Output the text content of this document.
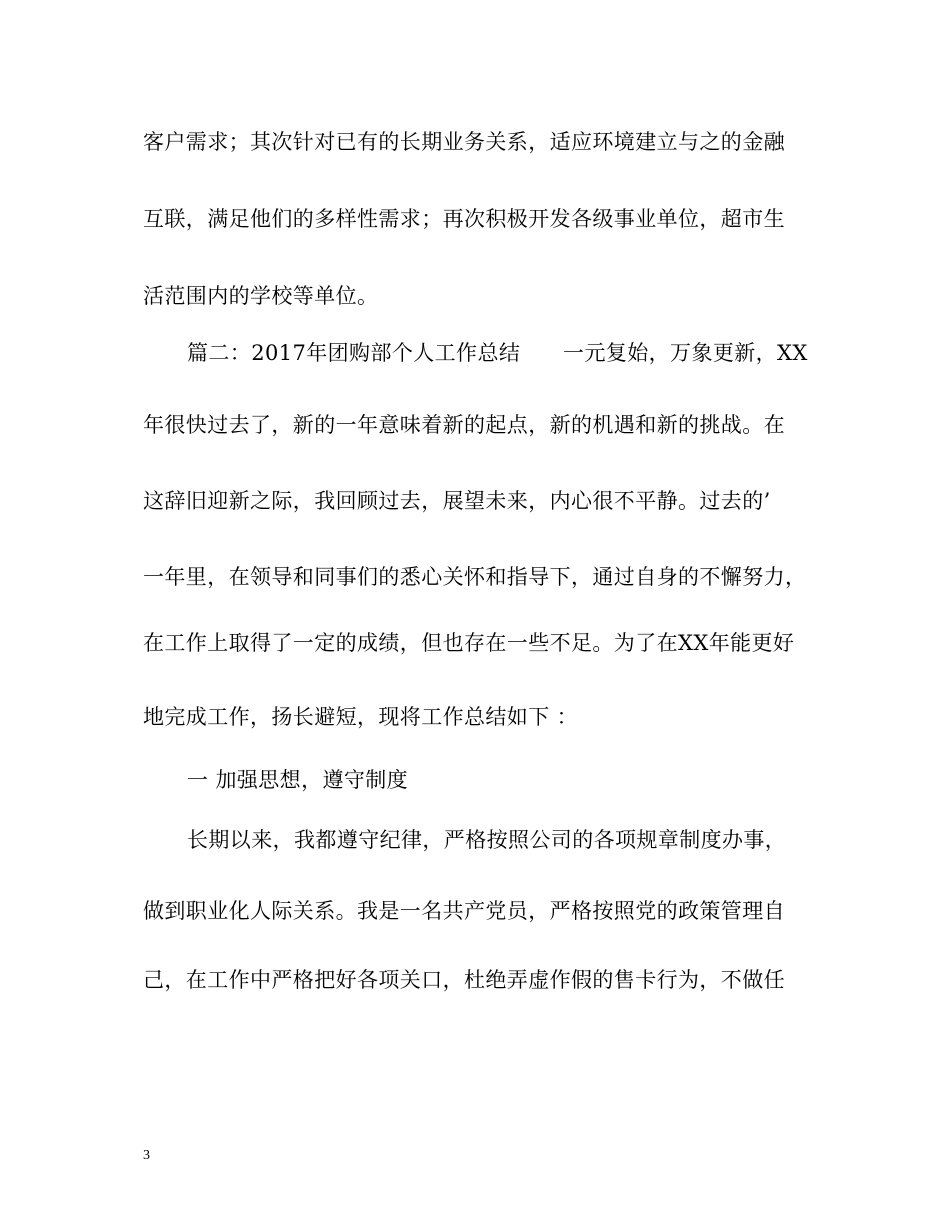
客户需求；其次针对已有的长期业务关系，适应环境建立与之的金融
互联，满足他们的多样性需求；再次积极开发各级事业单位，超市生
活范围内的学校等单位。
篇二：2017年团购部个人工作总结　　一元复始，万象更新，XX
年很快过去了，新的一年意味着新的起点，新的机遇和新的挑战。在
这辞旧迎新之际，我回顾过去，展望未来，内心很不平静。过去的’
一年里，在领导和同事们的悉心关怀和指导下，通过自身的不懈努力，
在工作上取得了一定的成绩，但也存在一些不足。为了在XX年能更好
地完成工作，扬长避短，现将工作总结如下 ：
一 加强思想，遵守制度
长期以来，我都遵守纪律，严格按照公司的各项规章制度办事，
做到职业化人际关系。我是一名共产党员，严格按照党的政策管理自
己，在工作中严格把好各项关口，杜绝弄虚作假的售卡行为，不做任
3
